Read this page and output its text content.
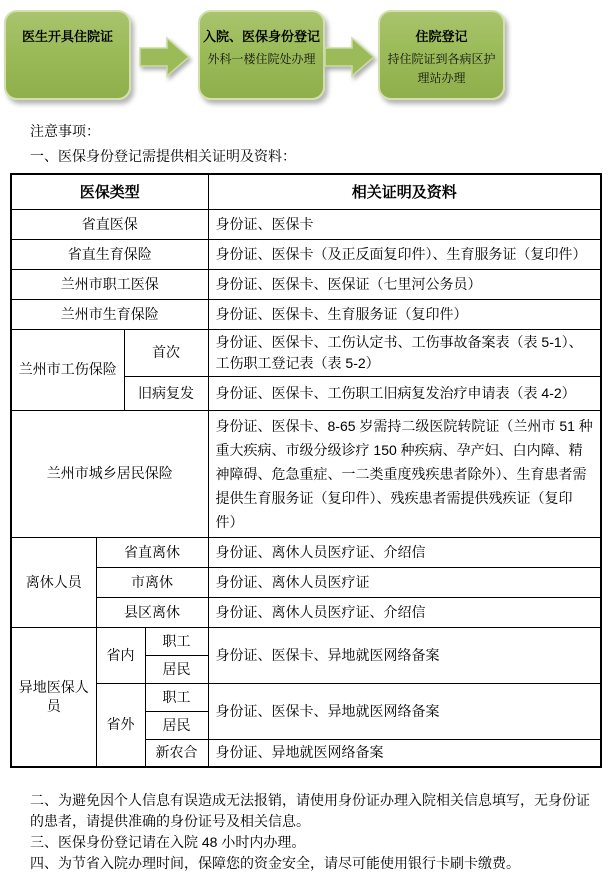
医生开具住院证	入院、医保身份登记
外科一楼住院处办理
住院登记
持住院证到各病区护理站办理
注意事项：
一、医保身份登记需提供相关证明及资料：
医保类型				相关证明及资料
省直医保				身份证、医保卡
省直生育保险				身份证、医保卡（及正反面复印件）、生育服务证（复印件）
兰州市职工医保				身份证、医保卡、医保证（七里河公务员）
兰州市生育保险				身份证、医保卡、生育服务证（复印件）
兰州市工伤保险		首次		身份证、医保卡、工伤认定书、工伤事故备案表（表 5-1）、工伤职工登记表（表 5-2）
		旧病复发		身份证、医保卡、工伤职工旧病复发治疗申请表（表 4-2）
兰州市城乡居民保险				身份证、医保卡、8-65 岁需持二级医院转院证（兰州市 51 种重大疾病、市级分级诊疗 150 种疾病、孕产妇、白内障、精神障碍、危急重症、一二类重度残疾患者除外）、生育患者需提供生育服务证（复印件）、残疾患者需提供残疾证（复印件）
离休人员	省直离休			身份证、离休人员医疗证、介绍信
	市离休			身份证、离休人员医疗证
	县区离休			身份证、离休人员医疗证、介绍信
异地医保人员	省内		职工	身份证、医保卡、异地就医网络备案
			居民	
	省外		职工	身份证、医保卡、异地就医网络备案
			居民	
			新农合	身份证、异地就医网络备案

二、为避免因个人信息有误造成无法报销，请使用身份证办理入院相关信息填写，无身份证的患者，请提供准确的身份证号及相关信息。

三、医保身份登记请在入院 48 小时内办理。

四、为节省入院办理时间，保障您的资金安全，请尽可能使用银行卡刷卡缴费。
